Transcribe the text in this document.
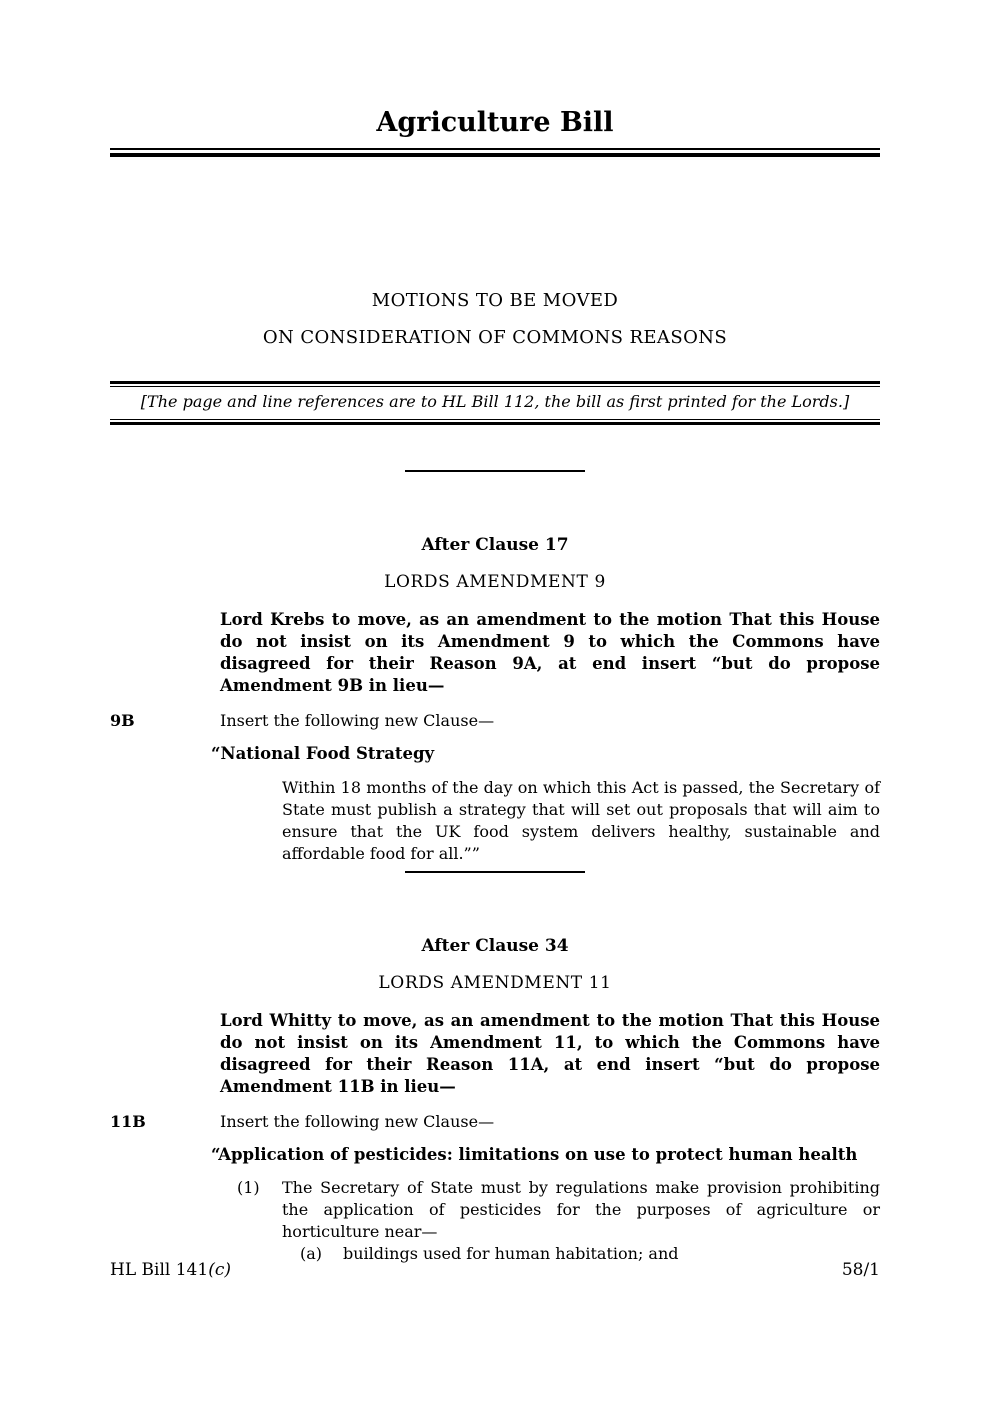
Agriculture Bill
MOTIONS TO BE MOVED
ON CONSIDERATION OF COMMONS REASONS
[The page and line references are to HL Bill 112, the bill as first printed for the Lords.]
After Clause 17
LORDS AMENDMENT 9

Lord Krebs to move, as an amendment to the motion That this House do not insist on its Amendment 9 to which the Commons have disagreed for their Reason 9A, at end insert “but do propose Amendment 9B in lieu—

9B	Insert the following new Clause—

“National Food Strategy

Within 18 months of the day on which this Act is passed, the Secretary of State must publish a strategy that will set out proposals that will aim to ensure that the UK food system delivers healthy, sustainable and affordable food for all.””

After Clause 34
LORDS AMENDMENT 11

Lord Whitty to move, as an amendment to the motion That this House do not insist on its Amendment 11, to which the Commons have disagreed for their Reason 11A, at end insert “but do propose Amendment 11B in lieu—

11B	Insert the following new Clause—

“Application of pesticides: limitations on use to protect human health

(1) The Secretary of State must by regulations make provision prohibiting the application of pesticides for the purposes of agriculture or horticulture near—

(a) buildings used for human habitation; and
HL Bill 141(c)	58/1
